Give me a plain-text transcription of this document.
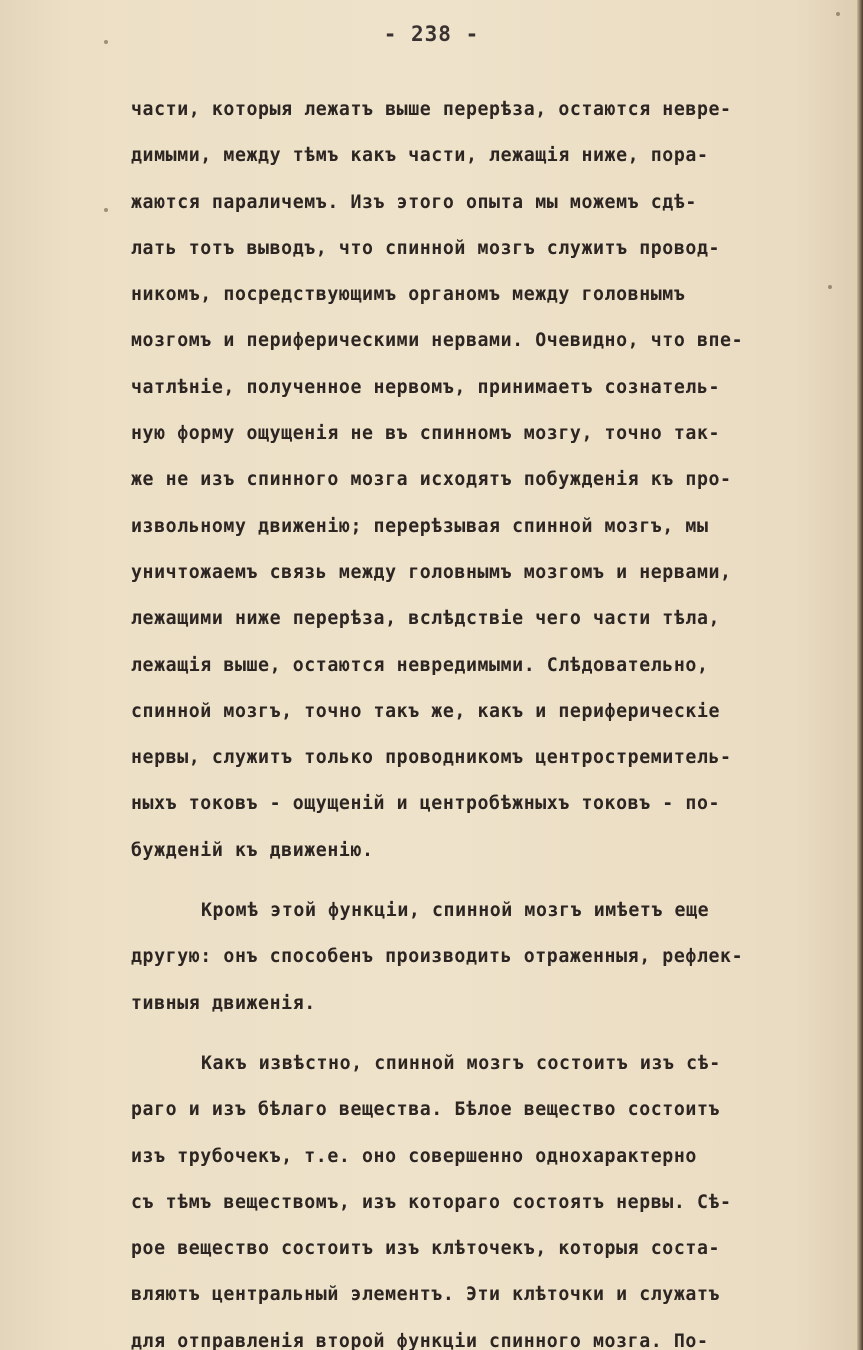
- 238 -
части, которыя лежатъ выше перерѣза, остаются невре-
димыми, между тѣмъ какъ части, лежащія ниже, пора-
жаются параличемъ. Изъ этого опыта мы можемъ сдѣ-
лать тотъ выводъ, что спинной мозгъ служитъ провод-
никомъ, посредствующимъ органомъ между головнымъ
мозгомъ и периферическими нервами. Очевидно, что впе-
чатлѣніе, полученное нервомъ, принимаетъ сознатель-
ную форму ощущенія не въ спинномъ мозгу, точно так-
же не изъ спинного мозга исходятъ побужденія къ про-
извольному движенію; перерѣзывая спинной мозгъ, мы
уничтожаемъ связь между головнымъ мозгомъ и нервами,
лежащими ниже перерѣза, вслѣдствіе чего части тѣла,
лежащія выше, остаются невредимыми. Слѣдовательно,
спинной мозгъ, точно такъ же, какъ и периферическіе
нервы, служитъ только проводникомъ центростремитель-
ныхъ токовъ - ощущеній и центробѣжныхъ токовъ - по-
бужденій къ движенію.
Кромѣ этой функціи, спинной мозгъ имѣетъ еще
другую: онъ способенъ производить отраженныя, рефлек-
тивныя движенія.
Какъ извѣстно, спинной мозгъ состоитъ изъ сѣ-
раго и изъ бѣлаго вещества. Бѣлое вещество состоитъ
изъ трубочекъ, т.е. оно совершенно однохарактерно
съ тѣмъ веществомъ, изъ котораго состоятъ нервы. Сѣ-
рое вещество состоитъ изъ клѣточекъ, которыя соста-
вляютъ центральный элементъ. Эти клѣточки и служатъ
для отправленія второй функціи спинного мозга. По-
